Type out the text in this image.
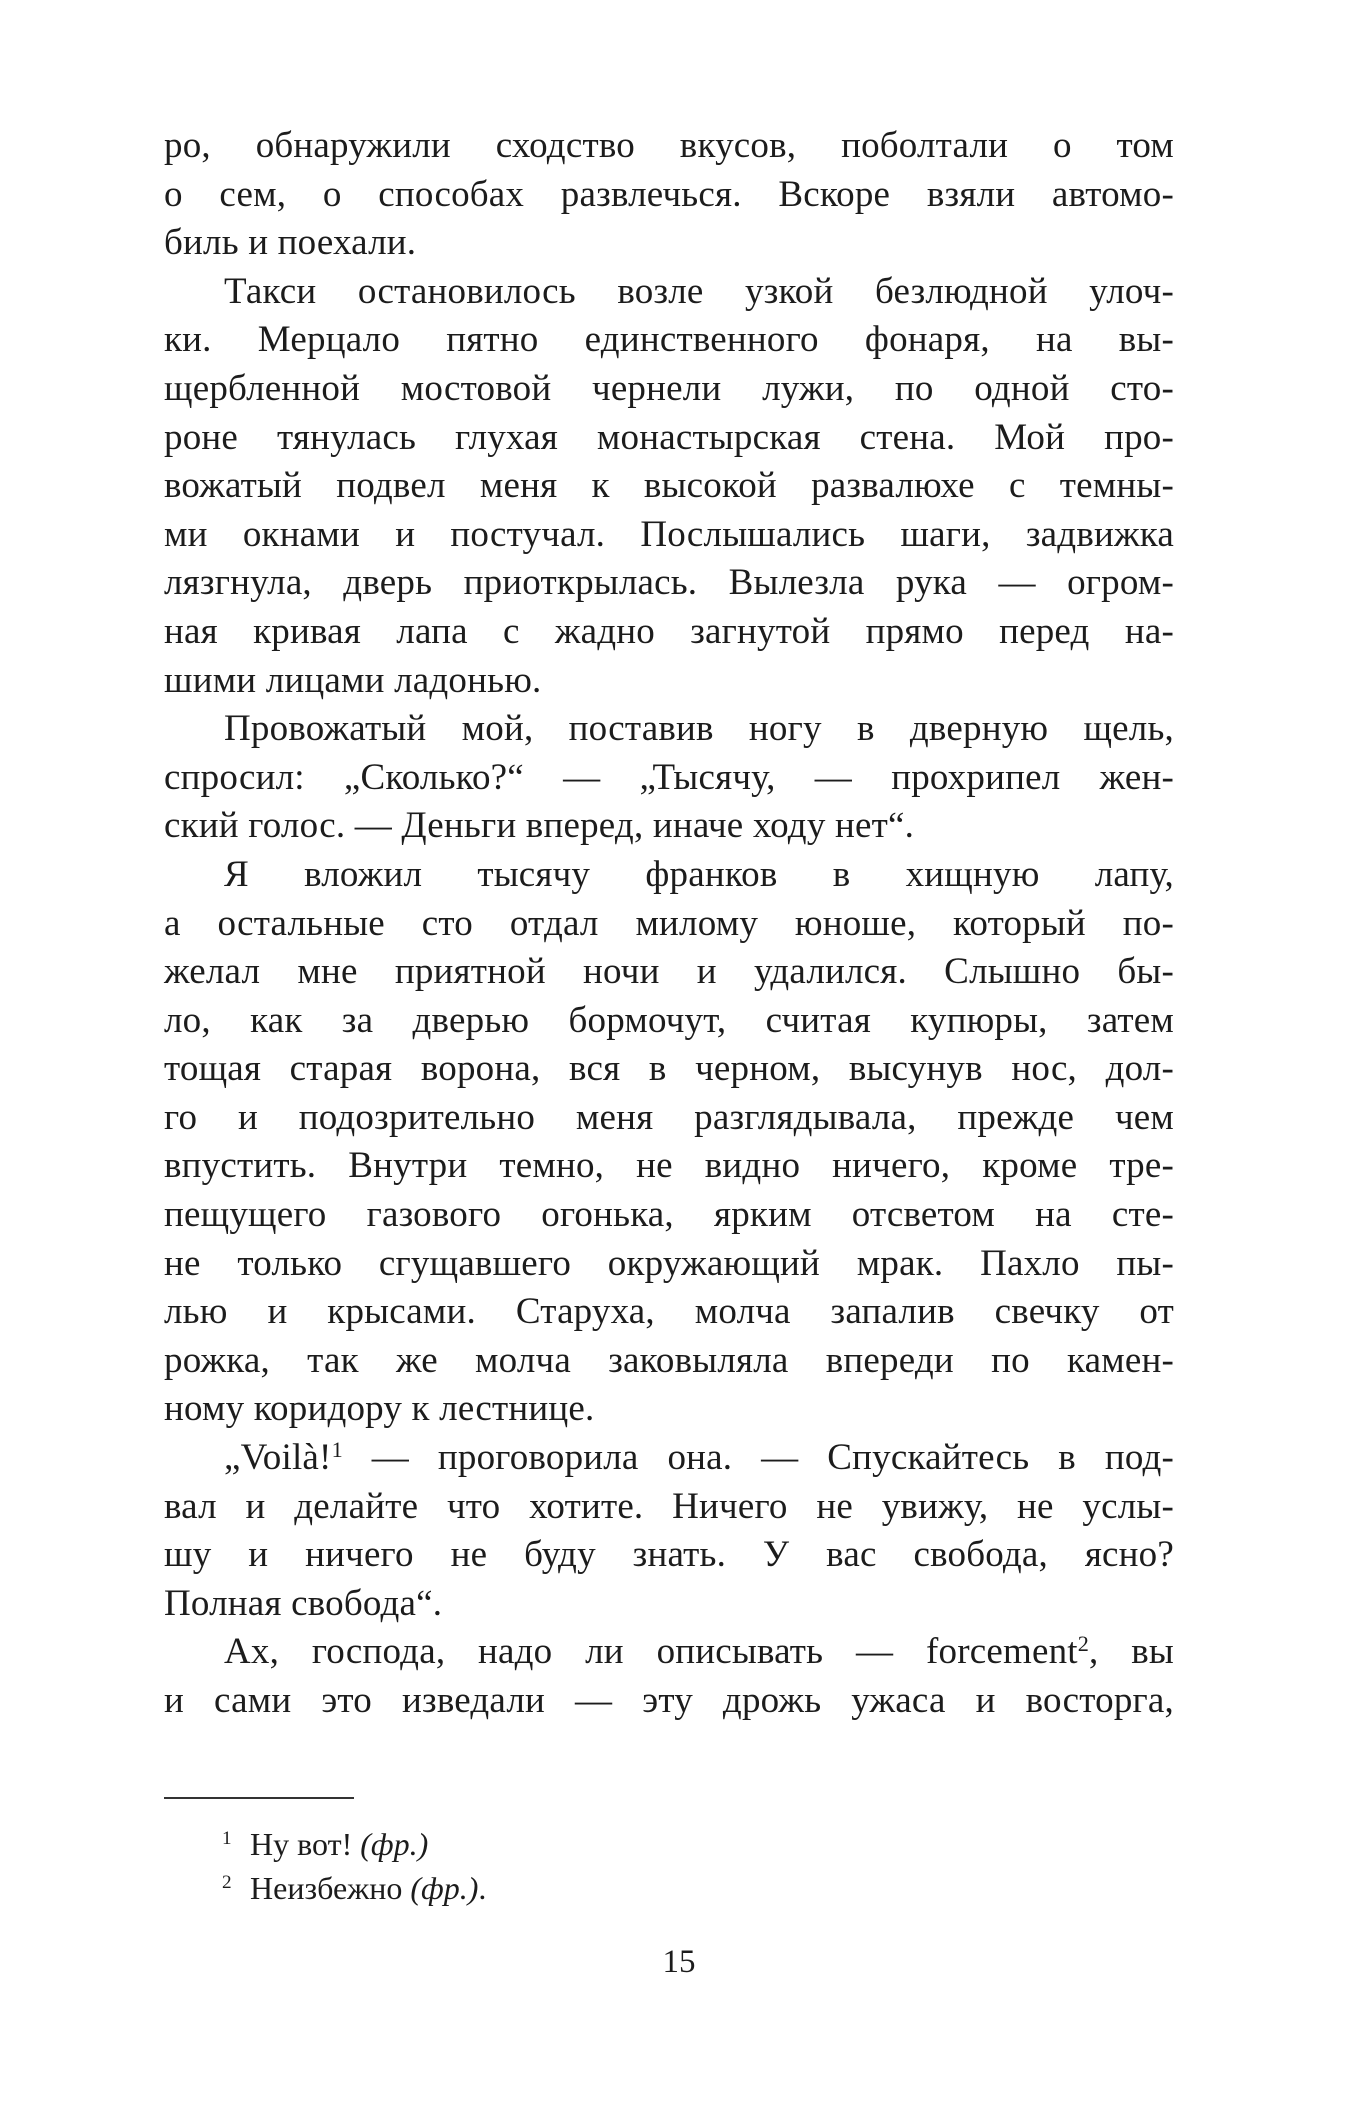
ро, обнаружили сходство вкусов, поболтали о том
о сем, о способах развлечься. Вскоре взяли автомо-
биль и поехали.
Такси остановилось возле узкой безлюдной улоч-
ки. Мерцало пятно единственного фонаря, на вы-
щербленной мостовой чернели лужи, по одной сто-
роне тянулась глухая монастырская стена. Мой про-
вожатый подвел меня к высокой развалюхе с темны-
ми окнами и постучал. Послышались шаги, задвижка
лязгнула, дверь приоткрылась. Вылезла рука — огром-
ная кривая лапа с жадно загнутой прямо перед на-
шими лицами ладонью.
Провожатый мой, поставив ногу в дверную щель,
спросил: „Сколько?“ — „Тысячу, — прохрипел жен-
ский голос. — Деньги вперед, иначе ходу нет“.
Я вложил тысячу франков в хищную лапу,
а остальные сто отдал милому юноше, который по-
желал мне приятной ночи и удалился. Слышно бы-
ло, как за дверью бормочут, считая купюры, затем
тощая старая ворона, вся в черном, высунув нос, дол-
го и подозрительно меня разглядывала, прежде чем
впустить. Внутри темно, не видно ничего, кроме тре-
пещущего газового огонька, ярким отсветом на сте-
не только сгущавшего окружающий мрак. Пахло пы-
лью и крысами. Старуха, молча запалив свечку от
рожка, так же молча заковыляла впереди по камен-
ному коридору к лестнице.
„Voilà!$^1$ — проговорила она. — Спускайтесь в под-
вал и делайте что хотите. Ничего не увижу, не услы-
шу и ничего не буду знать. У вас свобода, ясно?
Полная свобода“.
Ах, господа, надо ли описывать — forcement$^2$, вы
и сами это изведали — эту дрожь ужаса и восторга,
$^1$ Ну вот! (фр.)
$^2$ Неизбежно (фр.).
15
